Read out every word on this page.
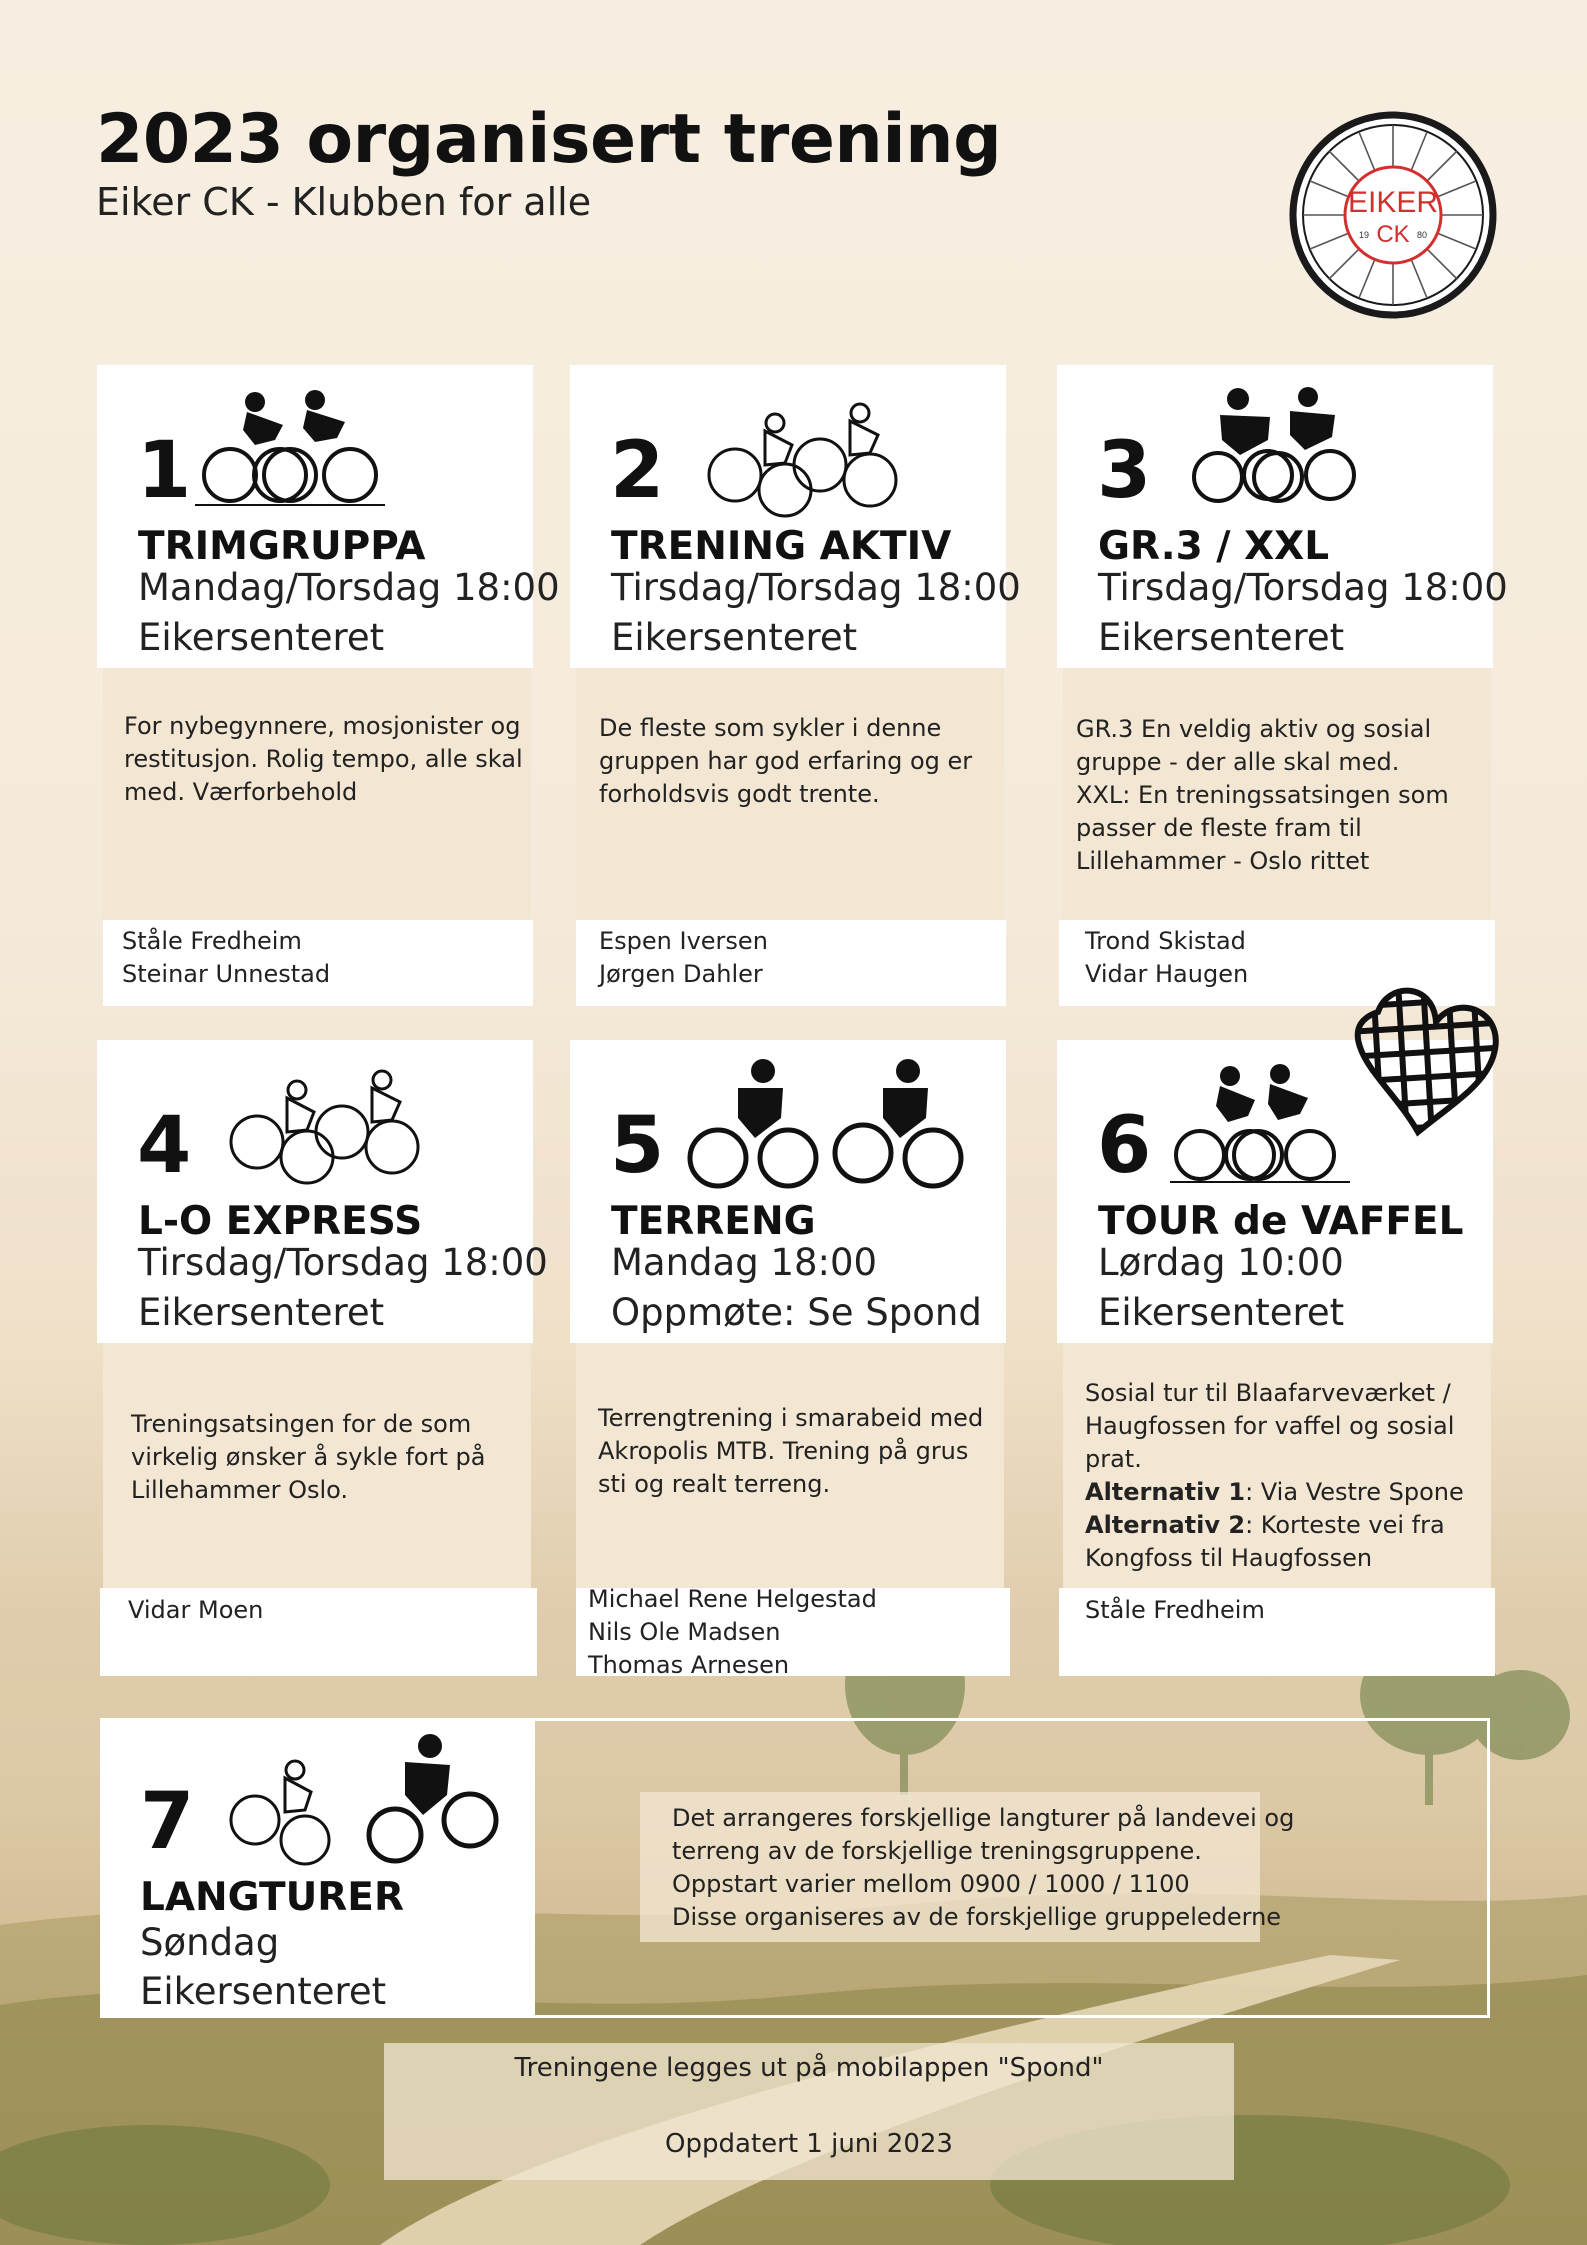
2023 organisert trening
Eiker CK - Klubben for alle	EIKER
CK
19	80
1
TRIMGRUPPA
Mandag/Torsdag 18:00
Eikersenteret
For nybegynnere, mosjonister og
restitusjon. Rolig tempo, alle skal
med. Værforbehold
Ståle Fredheim
Steinar Unnestad
2
TRENING AKTIV
Tirsdag/Torsdag 18:00
Eikersenteret
De fleste som sykler i denne
gruppen har god erfaring og er
forholdsvis godt trente.
Espen Iversen
Jørgen Dahler
3
GR.3 / XXL
Tirsdag/Torsdag 18:00
Eikersenteret
GR.3 En veldig aktiv og sosial
gruppe - der alle skal med.
XXL: En treningssatsingen som
passer de fleste fram til
Lillehammer - Oslo rittet
Trond Skistad
Vidar Haugen
4
L-O EXPRESS
Tirsdag/Torsdag 18:00
Eikersenteret
Treningsatsingen for de som
virkelig ønsker å sykle fort på
Lillehammer Oslo.
Vidar Moen
5
TERRENG
Mandag 18:00
Oppmøte: Se Spond
Terrengtrening i smarabeid med
Akropolis MTB. Trening på grus
sti og realt terreng.
Michael Rene Helgestad
Nils Ole Madsen
Thomas Arnesen
6
TOUR de VAFFEL
Lørdag 10:00
Eikersenteret
Sosial tur til Blaafarveværket /
Haugfossen for vaffel og sosial
prat.
Alternativ 1: Via Vestre Spone
Alternativ 2: Korteste vei fra
Kongfoss til Haugfossen
Ståle Fredheim
7
LANGTURER
Søndag
Eikersenteret
Det arrangeres forskjellige langturer på landevei og
terreng av de forskjellige treningsgruppene.
Oppstart varier mellom 0900 / 1000 / 1100
Disse organiseres av de forskjellige gruppelederne
Treningene legges ut på mobilappen "Spond"
Oppdatert 1 juni 2023
